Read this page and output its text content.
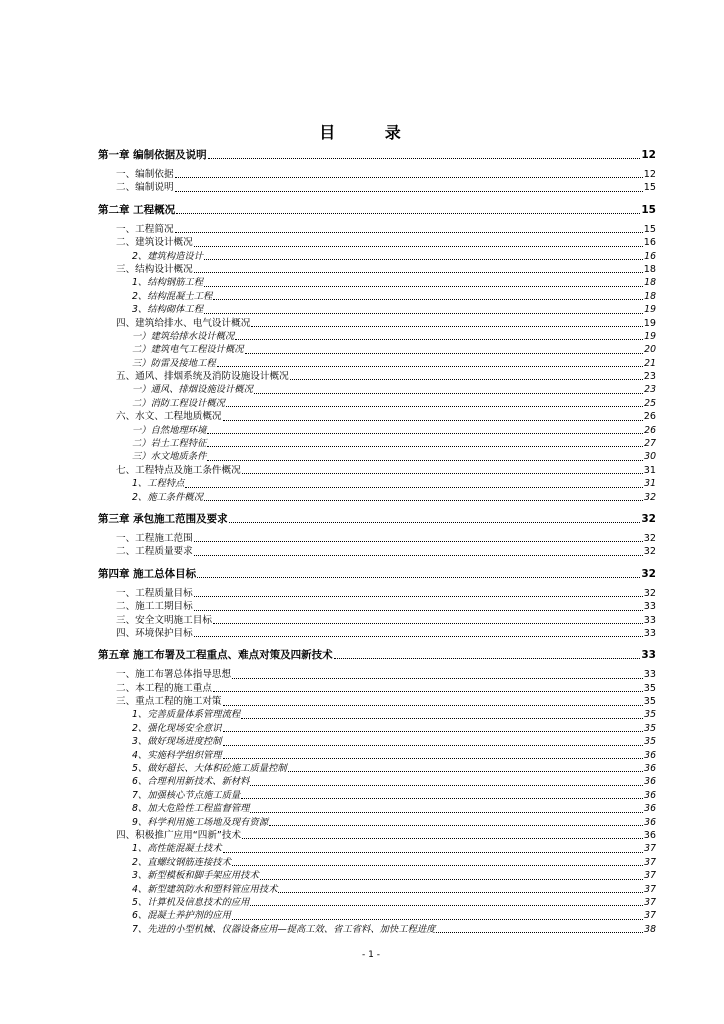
目 录
第一章 编制依据及说明	12
一、编制依据	12
二、编制说明	15
第二章 工程概况	15
一、工程简况	15
二、建筑设计概况	16
2、建筑构造设计	16
三、结构设计概况	18
1、结构钢筋工程	18
2、结构混凝土工程	18
3、结构砌体工程	19
四、建筑给排水、电气设计概况	19
一）建筑给排水设计概况	19
二）建筑电气工程设计概况	20
三）防雷及接地工程	21
五、通风、排烟系统及消防设施设计概况	23
一）通风、排烟设施设计概况	23
二）消防工程设计概况	25
六、水文、工程地质概况	26
一）自然地理环境	26
二）岩土工程特征	27
三）水文地质条件	30
七、工程特点及施工条件概况	31
1、工程特点	31
2、施工条件概况	32
第三章 承包施工范围及要求	32
一、工程施工范围	32
二、工程质量要求	32
第四章 施工总体目标	32
一、工程质量目标	32
二、施工工期目标	33
三、安全文明施工目标	33
四、环境保护目标	33
第五章 施工布署及工程重点、难点对策及四新技术	33
一、施工布署总体指导思想	33
二、本工程的施工重点	35
三、重点工程的施工对策	35
1、完善质量体系管理流程	35
2、强化现场安全意识	35
3、做好现场进度控制	35
4、实施科学组织管理	36
5、做好超长、大体积砼施工质量控制	36
6、合理利用新技术、新材料	36
7、加强核心节点施工质量	36
8、加大危险性工程监督管理	36
9、科学利用施工场地及现有资源	36
四、积极推广应用“四新”技术	36
1、高性能混凝土技术	37
2、直螺纹钢筋连接技术	37
3、新型模板和脚手架应用技术	37
4、新型建筑防水和塑料管应用技术	37
5、计算机及信息技术的应用	37
6、混凝土养护剂的应用	37
7、先进的小型机械、仪器设备应用—提高工效、省工省料、加快工程进度	38
- 1 -
